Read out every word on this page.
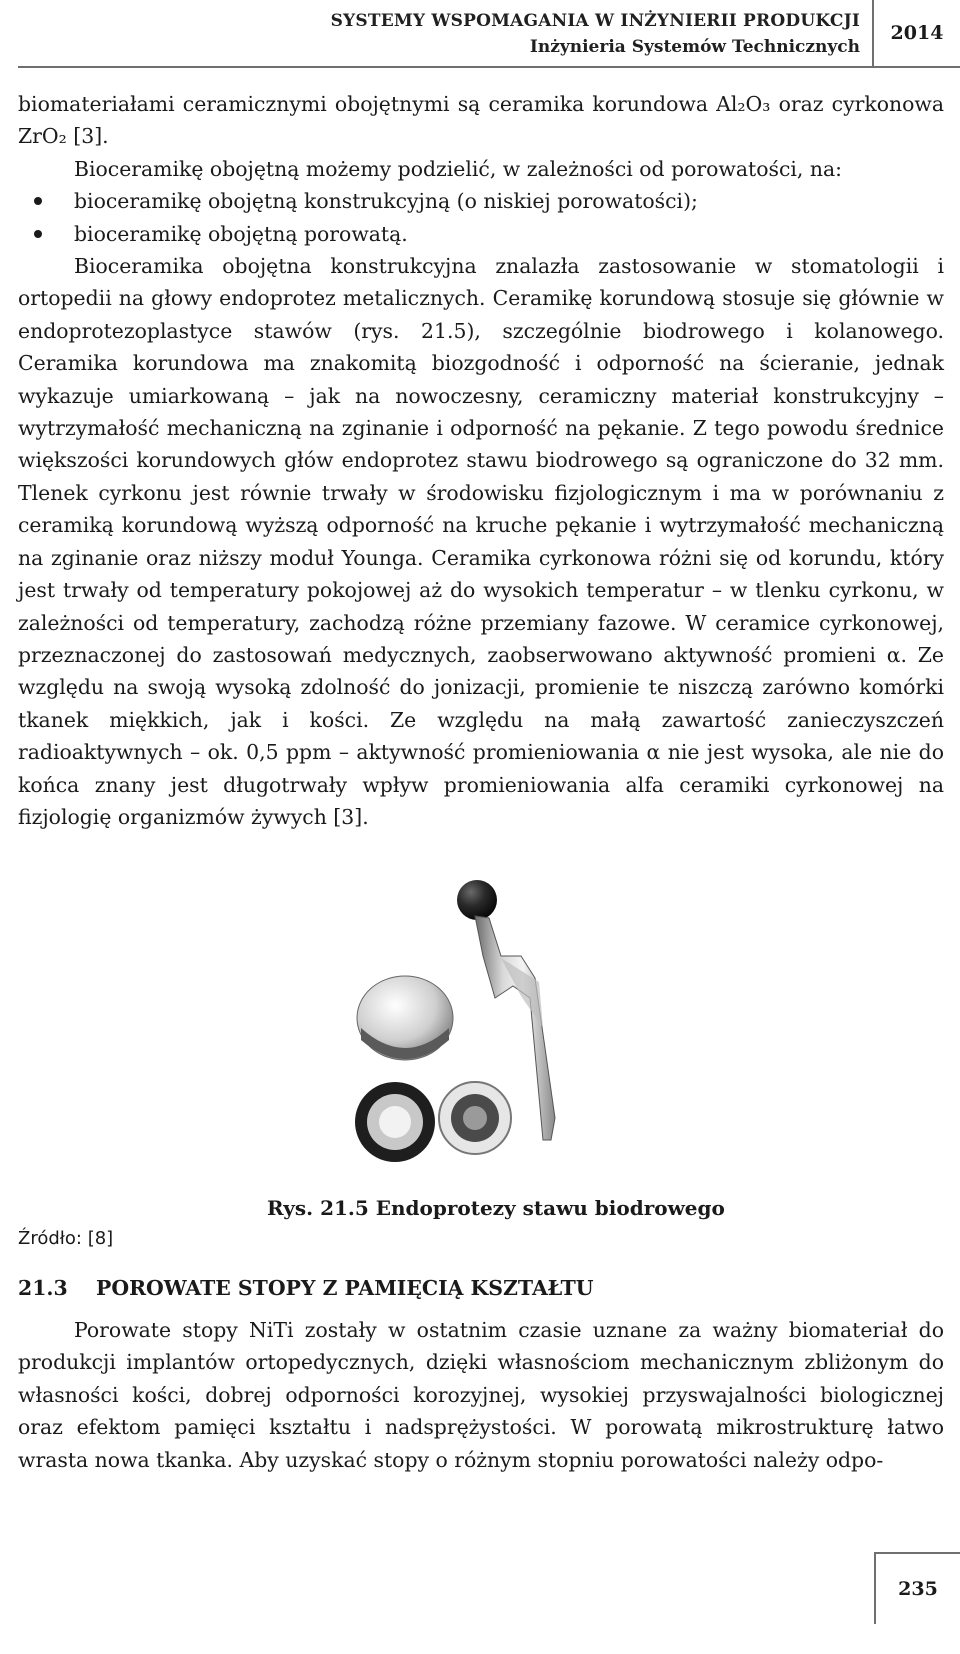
SYSTEMY WSPOMAGANIA W INŻYNIERII PRODUKCJI
Inżynieria Systemów Technicznych
2014

biomateriałami ceramicznymi obojętnymi są ceramika korundowa Al₂O₃ oraz cyrkonowa ZrO₂ [3].

Bioceramikę obojętną możemy podzielić, w zależności od porowatości, na:

bioceramikę obojętną konstrukcyjną (o niskiej porowatości);
bioceramikę obojętną porowatą.

Bioceramika obojętna konstrukcyjna znalazła zastosowanie w stomatologii i ortopedii na głowy endoprotez metalicznych. Ceramikę korundową stosuje się głównie w endoprotezoplastyce stawów (rys. 21.5), szczególnie biodrowego i kolanowego. Ceramika korundowa ma znakomitą biozgodność i odporność na ścieranie, jednak wykazuje umiarkowaną – jak na nowoczesny, ceramiczny materiał konstrukcyjny – wytrzymałość mechaniczną na zginanie i odporność na pękanie. Z tego powodu średnice większości korundowych głów endoprotez stawu biodrowego są ograniczone do 32 mm. Tlenek cyrkonu jest równie trwały w środowisku fizjologicznym i ma w porównaniu z ceramiką korundową wyższą odporność na kruche pękanie i wytrzymałość mechaniczną na zginanie oraz niższy moduł Younga. Ceramika cyrkonowa różni się od korundu, który jest trwały od temperatury pokojowej aż do wysokich temperatur – w tlenku cyrkonu, w zależności od temperatury, zachodzą różne przemiany fazowe. W ceramice cyrkonowej, przeznaczonej do zastosowań medycznych, zaobserwowano aktywność promieni α. Ze względu na swoją wysoką zdolność do jonizacji, promienie te niszczą zarówno komórki tkanek miękkich, jak i kości. Ze względu na małą zawartość zanieczyszczeń radioaktywnych – ok. 0,5 ppm – aktywność promieniowania α nie jest wysoka, ale nie do końca znany jest długotrwały wpływ promieniowania alfa ceramiki cyrkonowej na fizjologię organizmów żywych [3].

Rys. 21.5 Endoprotezy stawu biodrowego
Źródło: [8]
21.3 POROWATE STOPY Z PAMIĘCIĄ KSZTAŁTU

Porowate stopy NiTi zostały w ostatnim czasie uznane za ważny biomateriał do produkcji implantów ortopedycznych, dzięki własnościom mechanicznym zbliżonym do własności kości, dobrej odporności korozyjnej, wysokiej przyswajalności biologicznej oraz efektom pamięci kształtu i nadsprężystości. W porowatą mikrostrukturę łatwo wrasta nowa tkanka. Aby uzyskać stopy o różnym stopniu porowatości należy odpo-

235
